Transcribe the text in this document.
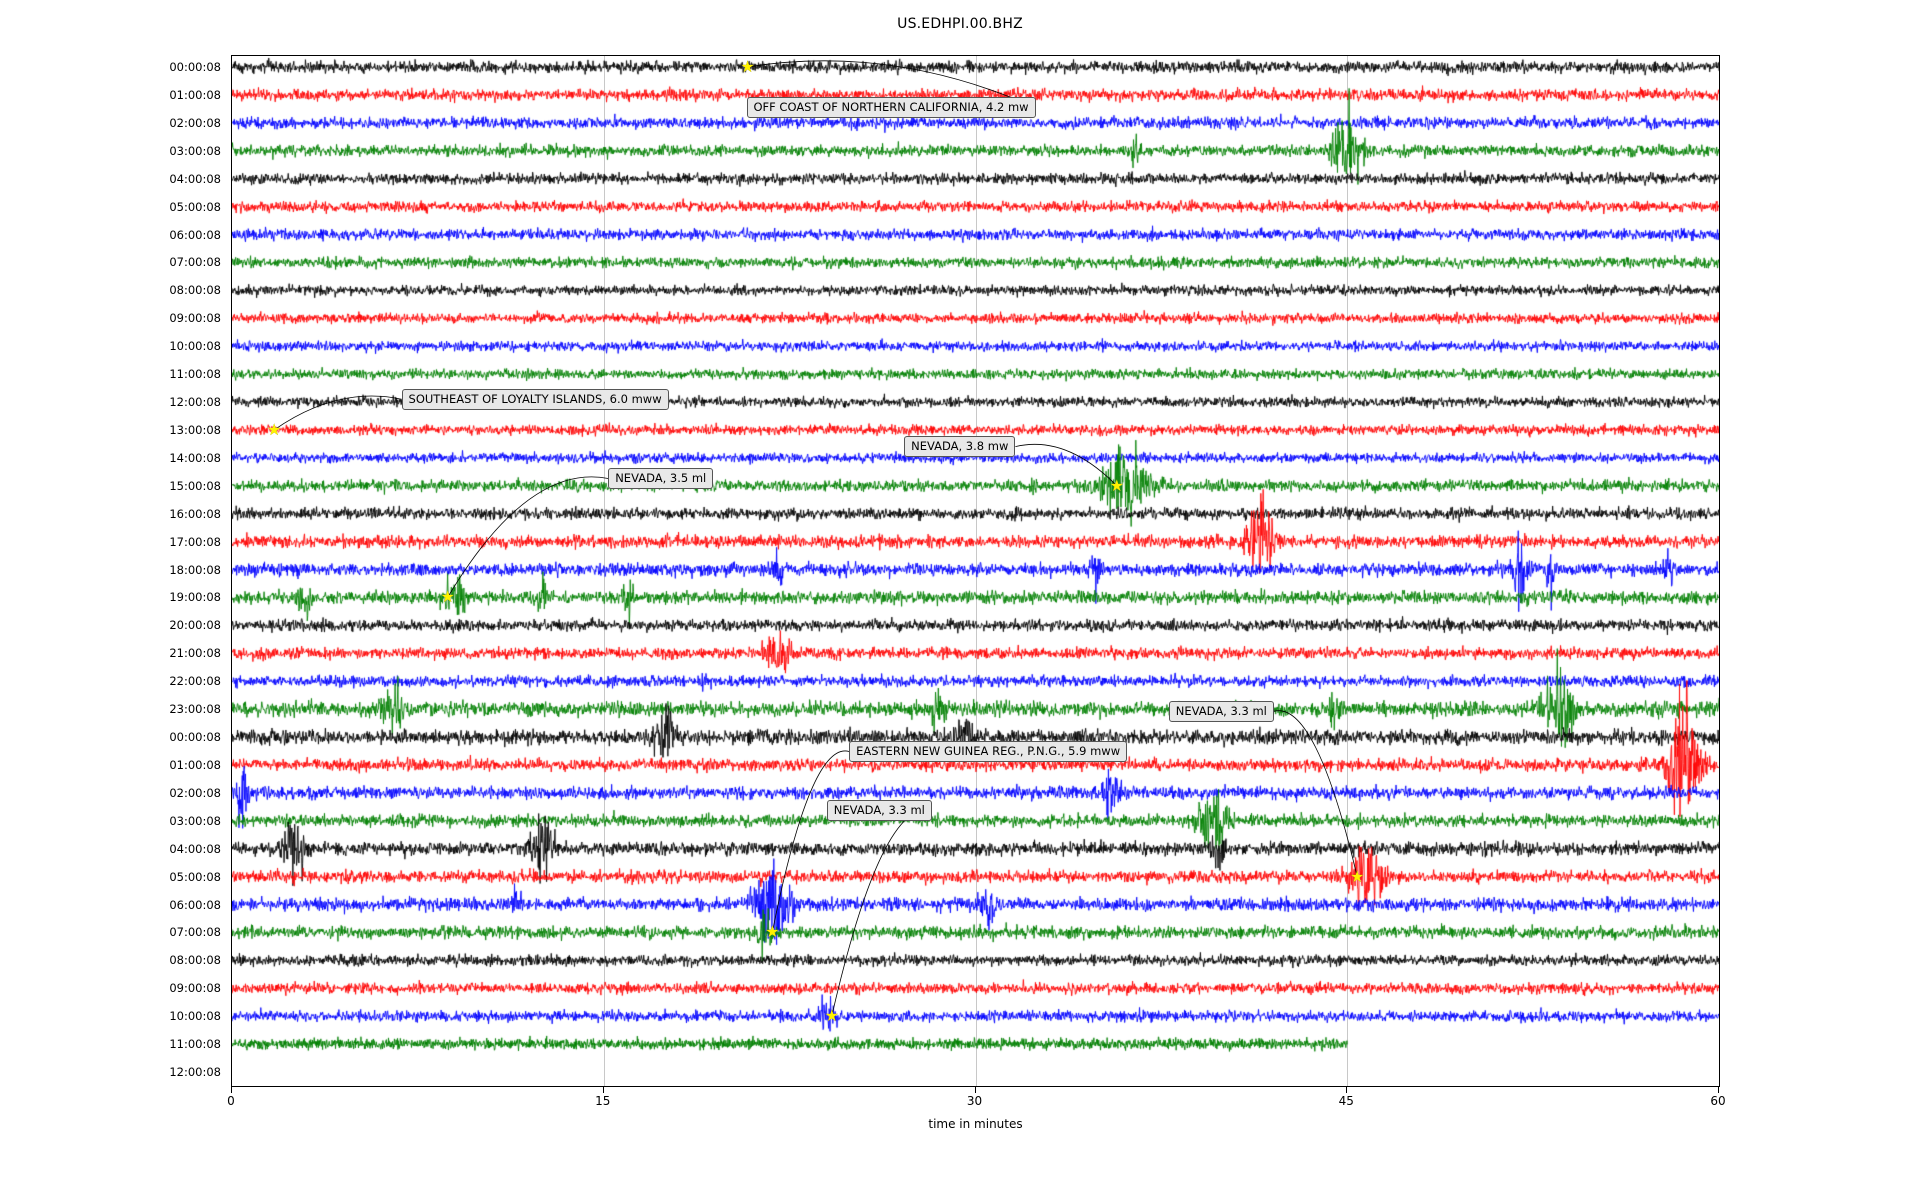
US.EDHPI.00.BHZ
00:00:08
01:00:08
02:00:08
03:00:08
04:00:08
05:00:08
06:00:08
07:00:08
08:00:08
09:00:08
10:00:08
11:00:08
12:00:08
13:00:08
14:00:08
15:00:08
16:00:08
17:00:08
18:00:08
19:00:08
20:00:08
21:00:08
22:00:08
23:00:08
00:00:08
01:00:08
02:00:08
03:00:08
04:00:08
05:00:08
06:00:08
07:00:08
08:00:08
09:00:08
10:00:08
11:00:08
12:00:08
★
★
★
★
★
★
★
OFF COAST OF NORTHERN CALIFORNIA, 4.2 mw
SOUTHEAST OF LOYALTY ISLANDS, 6.0 mww
NEVADA, 3.8 mw
NEVADA, 3.5 ml
NEVADA, 3.3 ml
EASTERN NEW GUINEA REG., P.N.G., 5.9 mww
NEVADA, 3.3 ml
0	15	30	45	60
time in minutes
